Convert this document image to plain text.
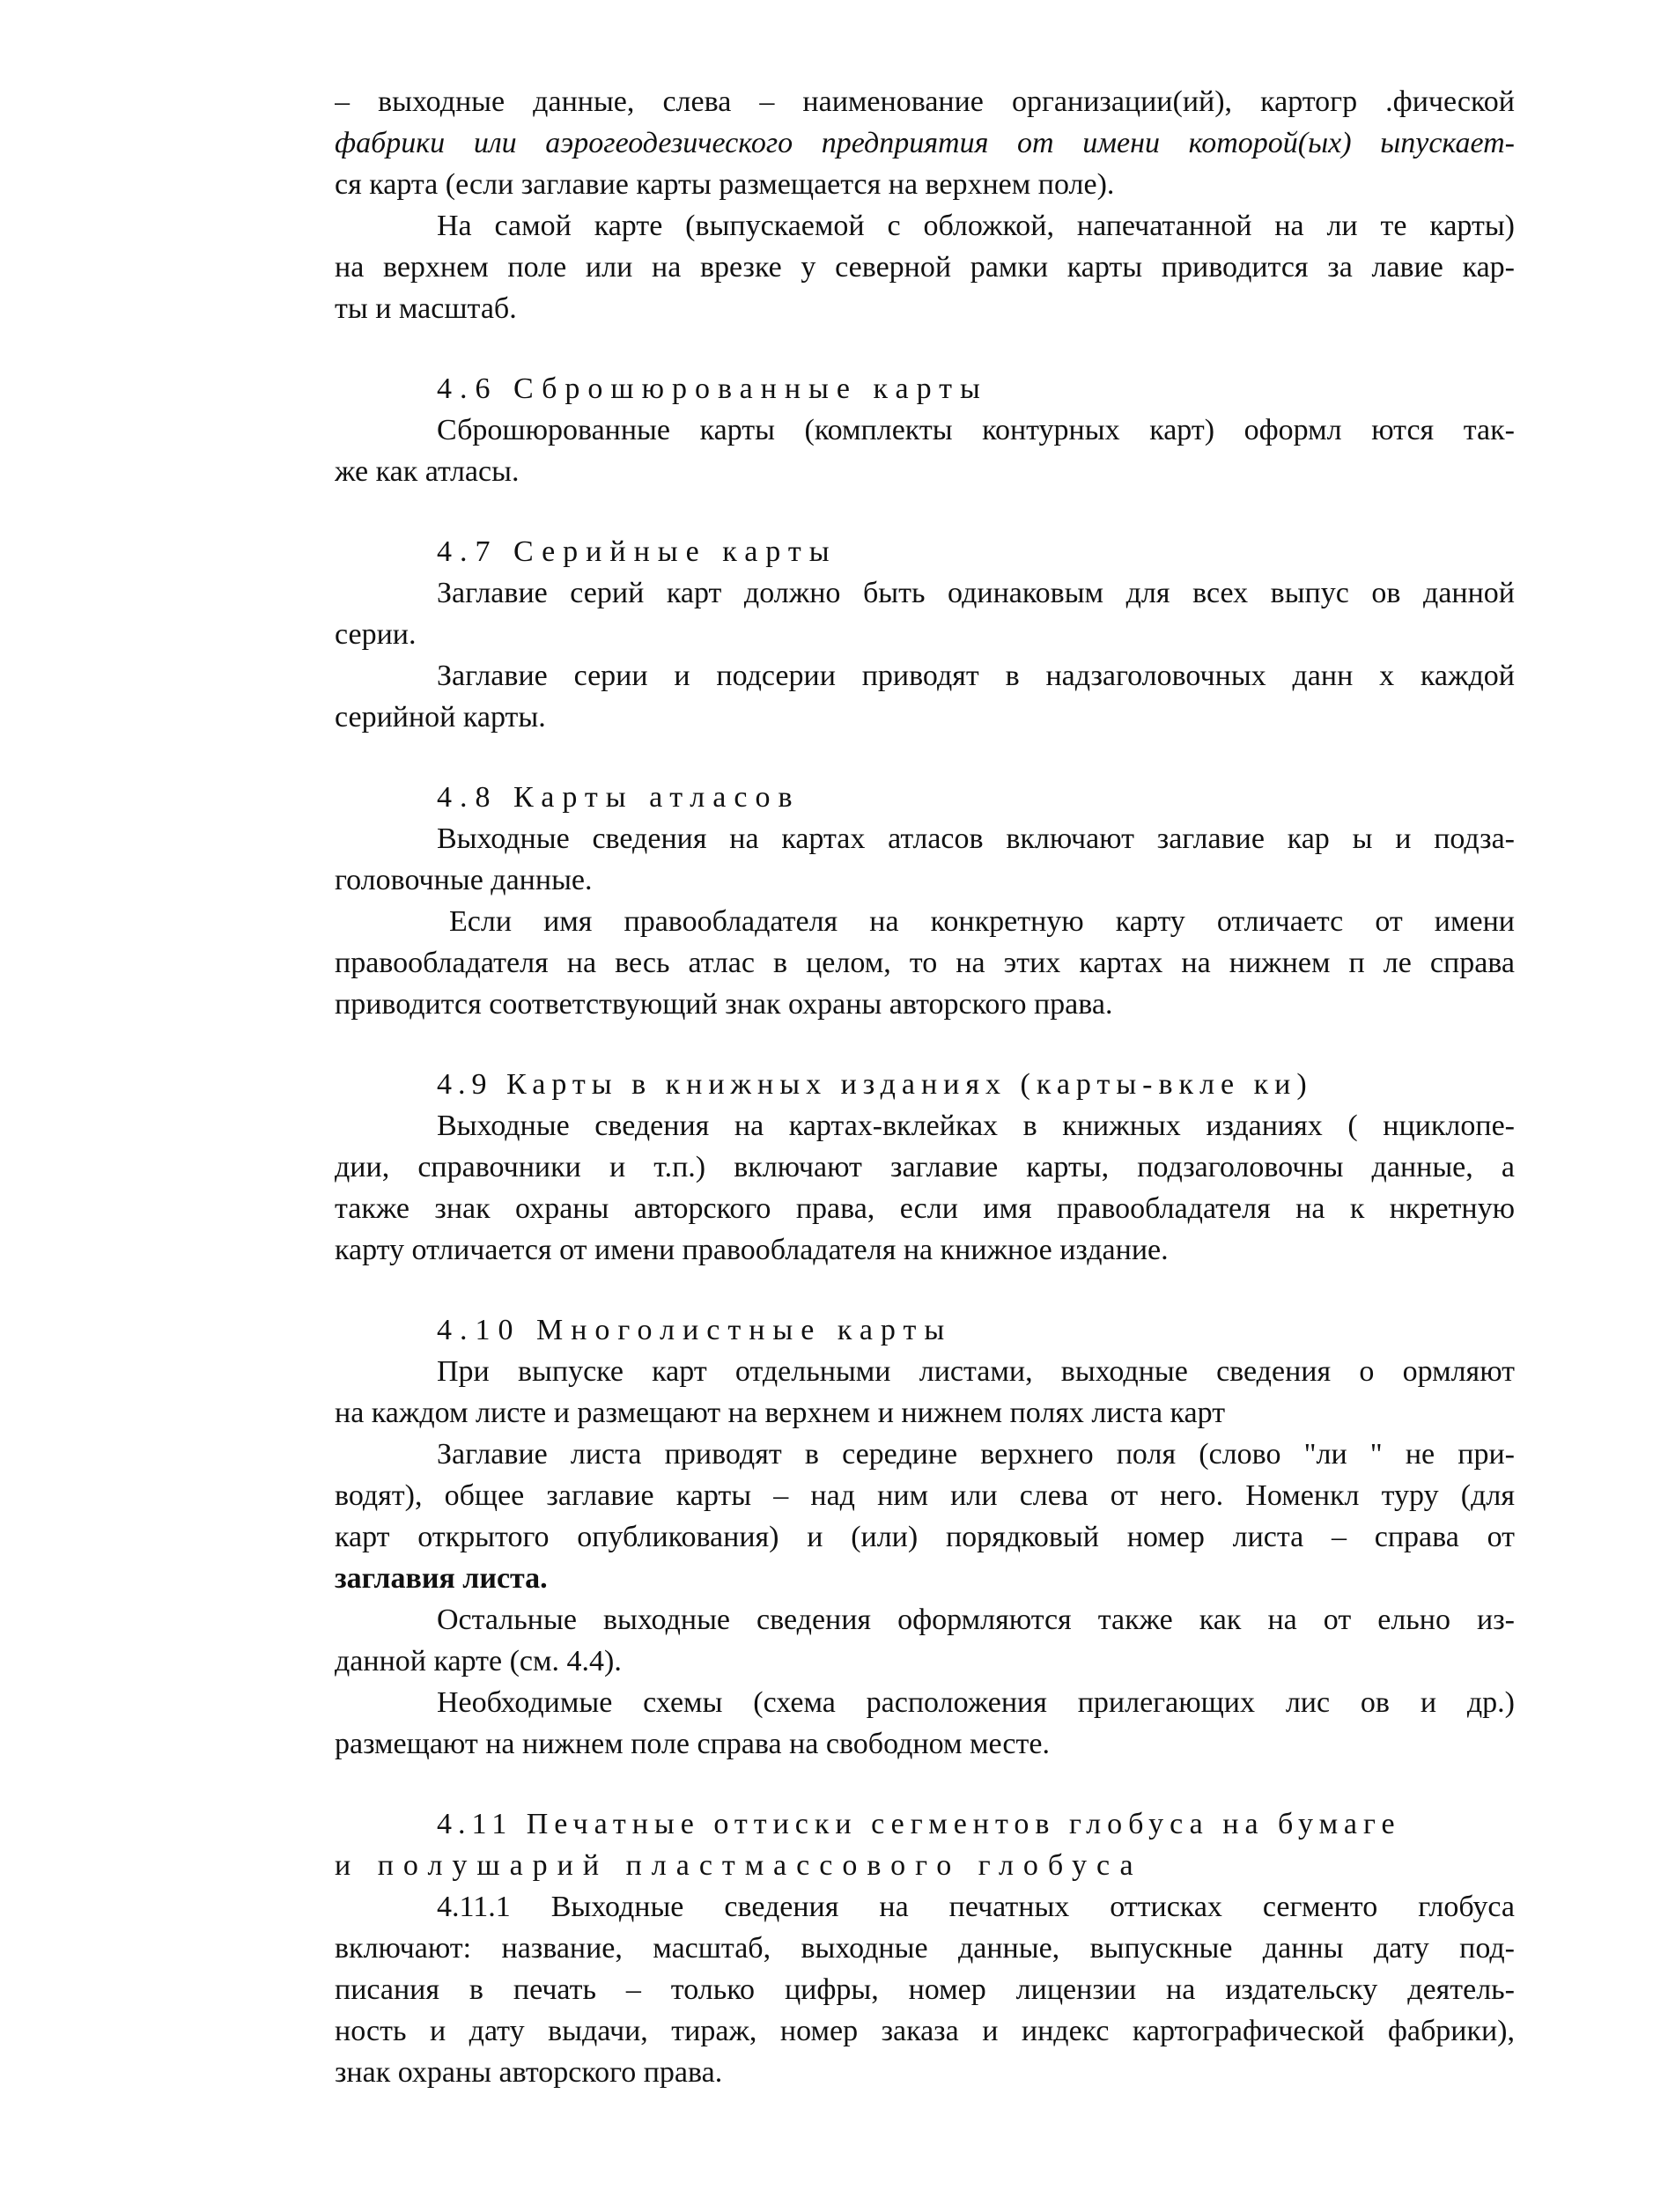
– выходные данные, слева – наименование организации(ий), картогр .фической
фабрики или аэрогеодезического предприятия от имени которой(ых) ыпускает-
ся карта (если заглавие карты размещается на верхнем поле).
На самой карте (выпускаемой с обложкой, напечатанной на ли те карты)
на верхнем поле или на врезке у северной рамки карты приводится за лавие кар-
ты и масштаб.
4.6 Сброшюрованные карты
Сброшюрованные карты (комплекты контурных карт) оформл ются так-
же как атласы.
4.7 Серийные карты
Заглавие серий карт должно быть одинаковым для всех выпус ов данной
серии.
Заглавие серии и подсерии приводят в надзаголовочных данн х каждой
серийной карты.
4.8 Карты атласов
Выходные сведения на картах атласов включают заглавие кар ы и подза-
головочные данные.
Если имя правообладателя на конкретную карту отличаетс от имени
правообладателя на весь атлас в целом, то на этих картах на нижнем п ле справа
приводится соответствующий знак охраны авторского права.
4.9 Карты в книжных изданиях (карты-вкле ки)
Выходные сведения на картах-вклейках в книжных изданиях ( нциклопе-
дии, справочники и т.п.) включают заглавие карты, подзаголовочны данные, а
также знак охраны авторского права, если имя правообладателя на к нкретную
карту отличается от имени правообладателя на книжное издание.
4.10 Многолистные карты
При выпуске карт отдельными листами, выходные сведения о ормляют
на каждом листе и размещают на верхнем и нижнем полях листа карт
Заглавие листа приводят в середине верхнего поля (слово "ли " не при-
водят), общее заглавие карты – над ним или слева от него. Номенкл туру (для
карт открытого опубликования) и (или) порядковый номер листа – справа от
заглавия листа.
Остальные выходные сведения оформляются также как на от ельно из-
данной карте (см. 4.4).
Необходимые схемы (схема расположения прилегающих лис ов и др.)
размещают на нижнем поле справа на свободном месте.
4.11 Печатные оттиски сегментов глобуса на бумаге
и полушарий пластмассового глобуса
4.11.1 Выходные сведения на печатных оттисках сегменто глобуса
включают: название, масштаб, выходные данные, выпускные данны дату под-
писания в печать – только цифры, номер лицензии на издательску деятель-
ность и дату выдачи, тираж, номер заказа и индекс картографической фабрики),
знак охраны авторского права.
